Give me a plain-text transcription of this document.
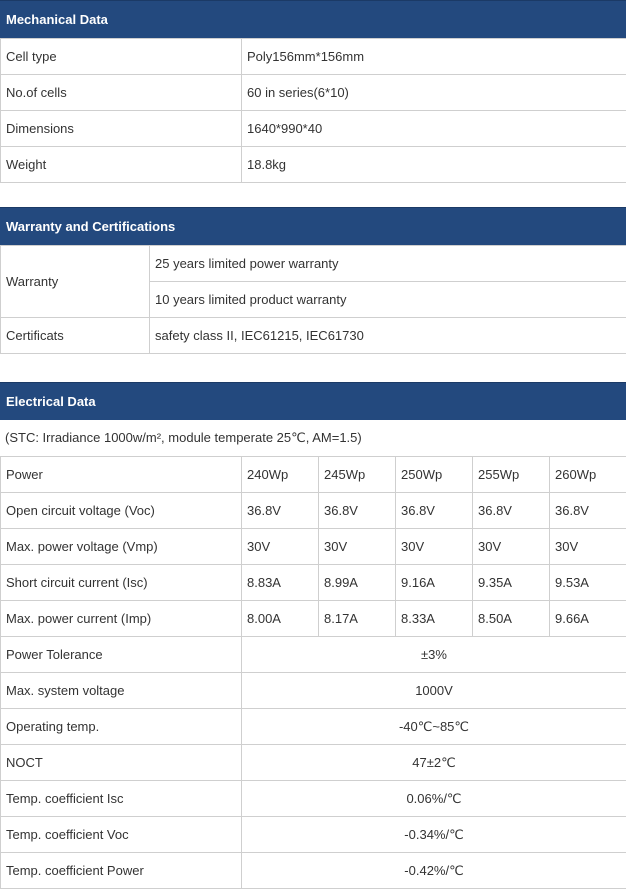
Mechanical Data
Cell type	Poly156mm*156mm
No.of cells	60 in series(6*10)
Dimensions	1640*990*40
Weight	18.8kg
Warranty and Certifications
Warranty	25 years limited power warranty
	10 years limited product warranty
Certificats	safety class II, IEC61215, IEC61730
Electrical Data
(STC: Irradiance 1000w/m², module temperate 25℃, AM=1.5)
Power	240Wp	245Wp	250Wp	255Wp	260Wp
Open circuit voltage (Voc)	36.8V	36.8V	36.8V	36.8V	36.8V
Max. power voltage (Vmp)	30V	30V	30V	30V	30V
Short circuit current (Isc)	8.83A	8.99A	9.16A	9.35A	9.53A
Max. power current (Imp)	8.00A	8.17A	8.33A	8.50A	9.66A
Power Tolerance	±3%				
Max. system voltage	1000V				
Operating temp.	-40℃~85℃				
NOCT	47±2℃				
Temp. coefficient Isc	0.06%/℃				
Temp. coefficient Voc	-0.34%/℃				
Temp. coefficient Power	-0.42%/℃				
